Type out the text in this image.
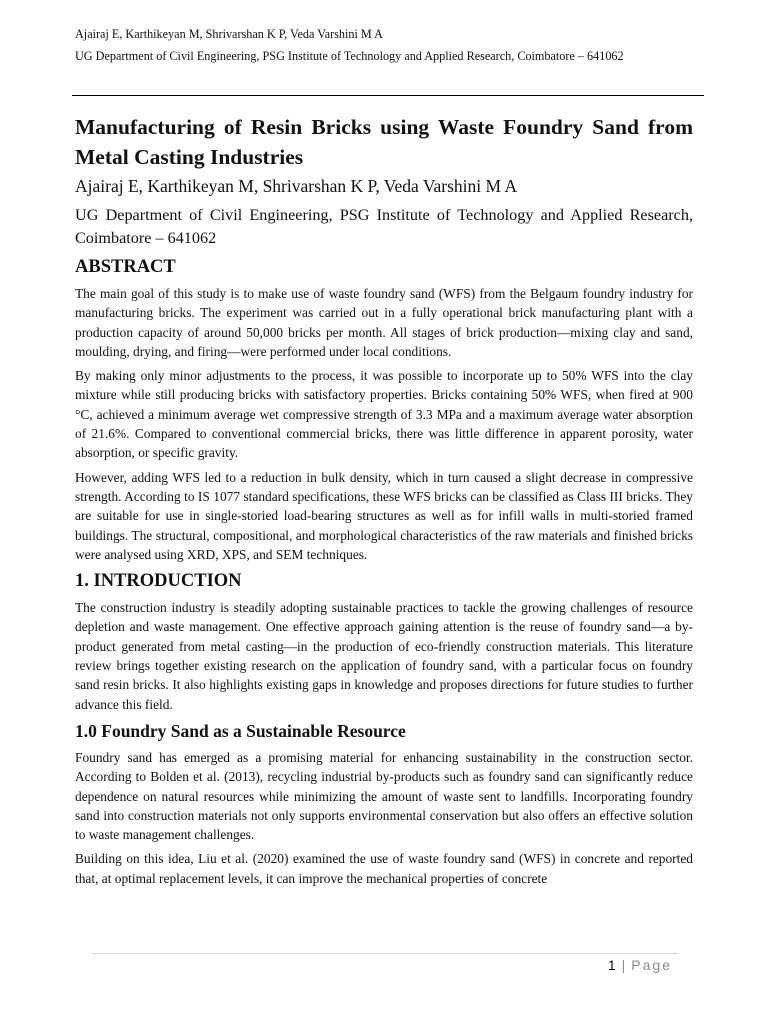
Ajairaj E, Karthikeyan M, Shrivarshan K P, Veda Varshini M A

UG Department of Civil Engineering, PSG Institute of Technology and Applied Research, Coimbatore – 641062

Manufacturing of Resin Bricks using Waste Foundry Sand from Metal Casting Industries

Ajairaj E, Karthikeyan M, Shrivarshan K P, Veda Varshini M A

UG Department of Civil Engineering, PSG Institute of Technology and Applied Research, Coimbatore – 641062

ABSTRACT

The main goal of this study is to make use of waste foundry sand (WFS) from the Belgaum foundry industry for manufacturing bricks. The experiment was carried out in a fully operational brick manufacturing plant with a production capacity of around 50,000 bricks per month. All stages of brick production—mixing clay and sand, moulding, drying, and firing—were performed under local conditions.

By making only minor adjustments to the process, it was possible to incorporate up to 50% WFS into the clay mixture while still producing bricks with satisfactory properties. Bricks containing 50% WFS, when fired at 900 °C, achieved a minimum average wet compressive strength of 3.3 MPa and a maximum average water absorption of 21.6%. Compared to conventional commercial bricks, there was little difference in apparent porosity, water absorption, or specific gravity.

However, adding WFS led to a reduction in bulk density, which in turn caused a slight decrease in compressive strength. According to IS 1077 standard specifications, these WFS bricks can be classified as Class III bricks. They are suitable for use in single-storied load-bearing structures as well as for infill walls in multi-storied framed buildings. The structural, compositional, and morphological characteristics of the raw materials and finished bricks were analysed using XRD, XPS, and SEM techniques.

1. INTRODUCTION

The construction industry is steadily adopting sustainable practices to tackle the growing challenges of resource depletion and waste management. One effective approach gaining attention is the reuse of foundry sand—a by-product generated from metal casting—in the production of eco-friendly construction materials. This literature review brings together existing research on the application of foundry sand, with a particular focus on foundry sand resin bricks. It also highlights existing gaps in knowledge and proposes directions for future studies to further advance this field.

1.0 Foundry Sand as a Sustainable Resource

Foundry sand has emerged as a promising material for enhancing sustainability in the construction sector. According to Bolden et al. (2013), recycling industrial by-products such as foundry sand can significantly reduce dependence on natural resources while minimizing the amount of waste sent to landfills. Incorporating foundry sand into construction materials not only supports environmental conservation but also offers an effective solution to waste management challenges.

Building on this idea, Liu et al. (2020) examined the use of waste foundry sand (WFS) in concrete and reported that, at optimal replacement levels, it can improve the mechanical properties of concrete

1 | Page
